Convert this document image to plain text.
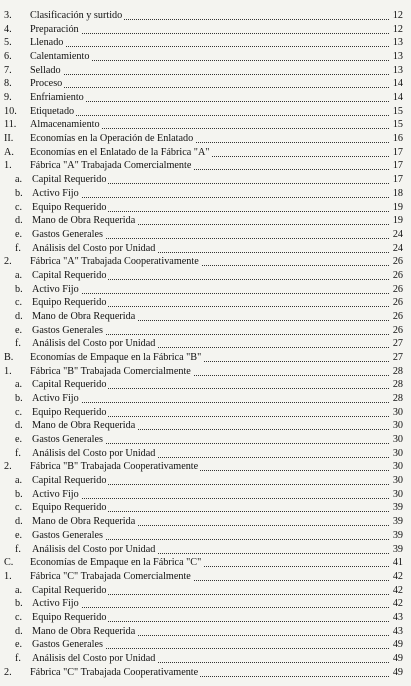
3. Clasificación y surtido	12
4. Preparación	12
5. Llenado	13
6. Calentamiento	13
7. Sellado	13
8. Proceso	14
9. Enfriamiento	14
10. Etiquetado	15
11. Almacenamiento	15
II. Economías en la Operación de Enlatado	16
A. Economías en el Enlatado de la Fábrica "A"	17
1. Fábrica "A" Trabajada Comercialmente	17
a. Capital Requerido	17
b. Activo Fijo	18
c. Equipo Requerido	19
d. Mano de Obra Requerida	19
e. Gastos Generales	24
f. Análisis del Costo por Unidad	24
2. Fábrica "A" Trabajada Cooperativamente	26
a. Capital Requerido	26
b. Activo Fijo	26
c. Equipo Requerido	26
d. Mano de Obra Requerida	26
e. Gastos Generales	26
f. Análisis del Costo por Unidad	27
B. Economías de Empaque en la Fábrica "B"	27
1. Fábrica "B" Trabajada Comercialmente	28
a. Capital Requerido	28
b. Activo Fijo	28
c. Equipo Requerido	30
d. Mano de Obra Requerida	30
e. Gastos Generales	30
f. Análisis del Costo por Unidad	30
2. Fábrica "B" Trabajada Cooperativamente	30
a. Capital Requerido	30
b. Activo Fijo	30
c. Equipo Requerido	39
d. Mano de Obra Requerida	39
e. Gastos Generales	39
f. Análisis del Costo por Unidad	39
C. Economías de Empaque en la Fábrica "C"	41
1. Fábrica "C" Trabajada Comercialmente	42
a. Capital Requerido	42
b. Activo Fijo	42
c. Equipo Requerido	43
d. Mano de Obra Requerida	43
e. Gastos Generales	49
f. Análisis del Costo por Unidad	49
2. Fábrica "C" Trabajada Cooperativamente	49
